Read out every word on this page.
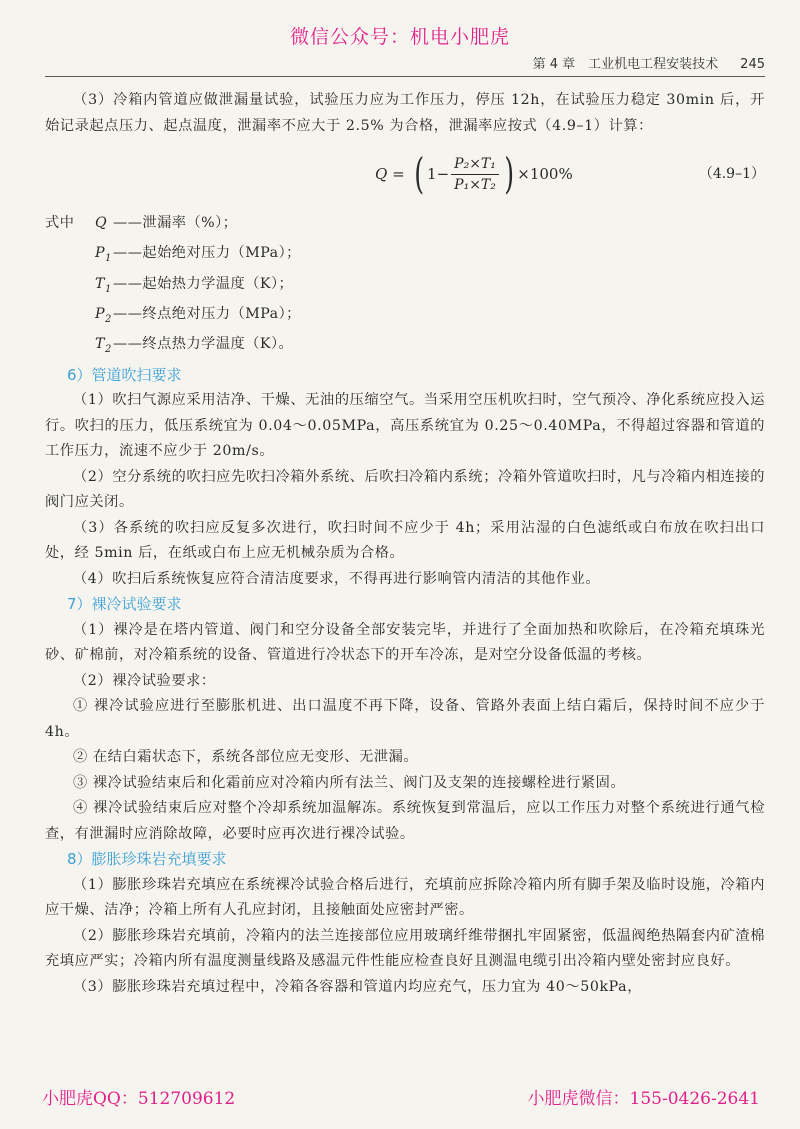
微信公众号：机电小肥虎
第 4 章　工业机电工程安装技术 245

（3）冷箱内管道应做泄漏量试验，试验压力应为工作压力，停压 12h，在试验压力稳定 30min 后，开始记录起点压力、起点温度，泄漏率不应大于 2.5% 为合格，泄漏率应按式（4.9–1）计算：

Q = ( $1- \frac{\text{P₂×T₁}}{\text{P₁×T₂}}$ ) ×100%	（4.9–1）
式中	Q ——泄漏率（%）；
$P_1$ ——起始绝对压力（MPa）；
$T_1$ ——起始热力学温度（K）；
$P_2$ ——终点绝对压力（MPa）；
$T_2$ ——终点热力学温度（K）。

6）管道吹扫要求

（1）吹扫气源应采用洁净、干燥、无油的压缩空气。当采用空压机吹扫时，空气预冷、净化系统应投入运行。吹扫的压力，低压系统宜为 0.04～0.05MPa，高压系统宜为 0.25～0.40MPa，不得超过容器和管道的工作压力，流速不应少于 20m/s。

（2）空分系统的吹扫应先吹扫冷箱外系统、后吹扫冷箱内系统；冷箱外管道吹扫时，凡与冷箱内相连接的阀门应关闭。

（3）各系统的吹扫应反复多次进行，吹扫时间不应少于 4h；采用沾湿的白色滤纸或白布放在吹扫出口处，经 5min 后，在纸或白布上应无机械杂质为合格。

（4）吹扫后系统恢复应符合清洁度要求，不得再进行影响管内清洁的其他作业。

7）裸冷试验要求

（1）裸冷是在塔内管道、阀门和空分设备全部安装完毕，并进行了全面加热和吹除后，在冷箱充填珠光砂、矿棉前，对冷箱系统的设备、管道进行冷状态下的开车冷冻，是对空分设备低温的考核。

（2）裸冷试验要求：

① 裸冷试验应进行至膨胀机进、出口温度不再下降，设备、管路外表面上结白霜后，保持时间不应少于 4h。

② 在结白霜状态下，系统各部位应无变形、无泄漏。

③ 裸冷试验结束后和化霜前应对冷箱内所有法兰、阀门及支架的连接螺栓进行紧固。

④ 裸冷试验结束后应对整个冷却系统加温解冻。系统恢复到常温后，应以工作压力对整个系统进行通气检查，有泄漏时应消除故障，必要时应再次进行裸冷试验。

8）膨胀珍珠岩充填要求

（1）膨胀珍珠岩充填应在系统裸冷试验合格后进行，充填前应拆除冷箱内所有脚手架及临时设施，冷箱内应干燥、洁净；冷箱上所有人孔应封闭，且接触面处应密封严密。

（2）膨胀珍珠岩充填前，冷箱内的法兰连接部位应用玻璃纤维带捆扎牢固紧密，低温阀绝热隔套内矿渣棉充填应严实；冷箱内所有温度测量线路及感温元件性能应检查良好且测温电缆引出冷箱内壁处密封应良好。

（3）膨胀珍珠岩充填过程中，冷箱各容器和管道内均应充气，压力宜为 40～50kPa，

小肥虎QQ：512709612	小肥虎微信：155-0426-2641
